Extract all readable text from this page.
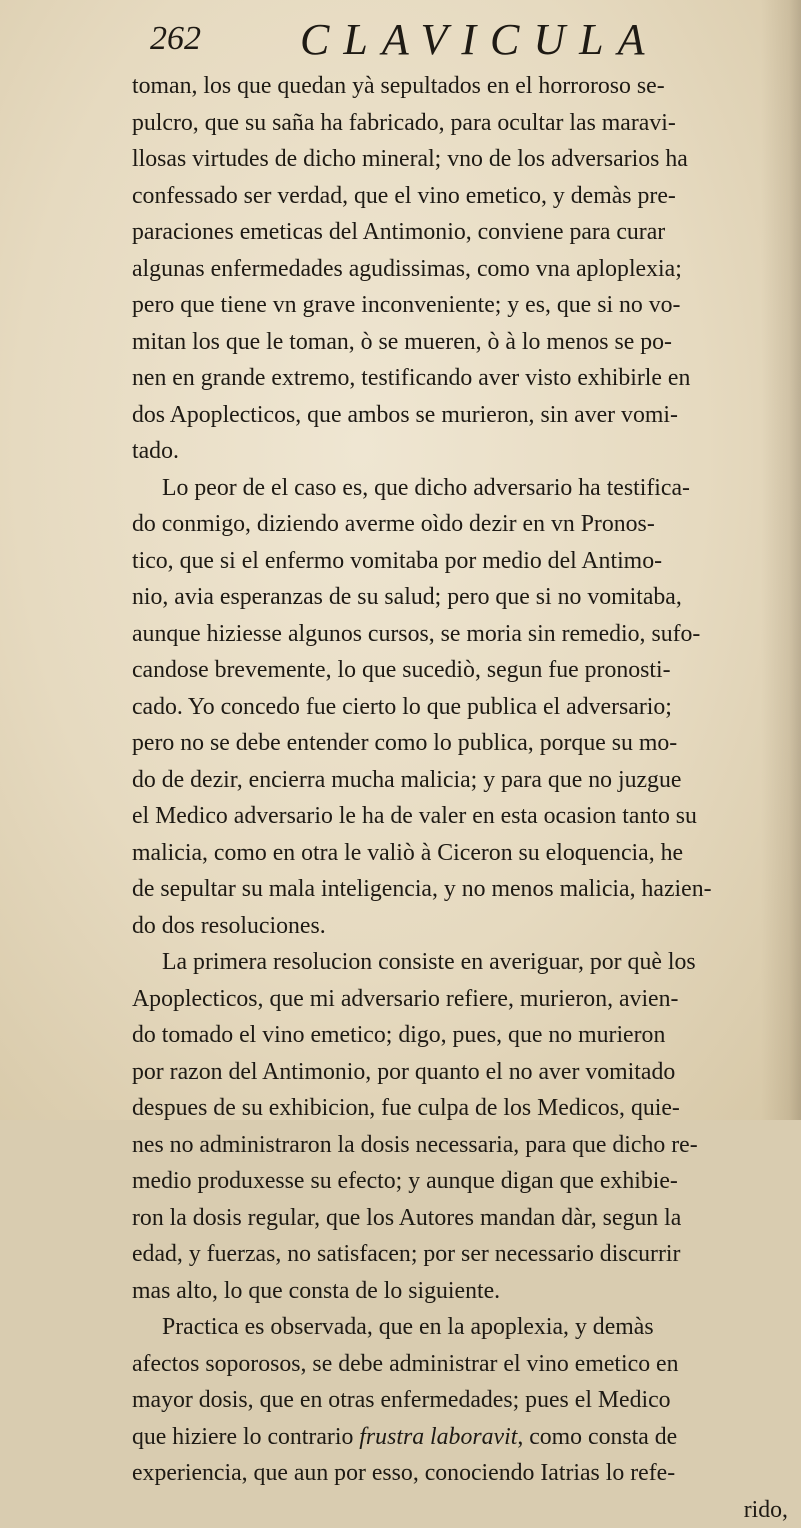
262 CLAVICULA
toman, los que quedan yà sepultados en el horroroso se-
pulcro, que su saña ha fabricado, para ocultar las maravi-
llosas virtudes de dicho mineral; vno de los adversarios ha
confessado ser verdad, que el vino emetico, y demàs pre-
paraciones emeticas del Antimonio, conviene para curar
algunas enfermedades agudissimas, como vna aploplexia;
pero que tiene vn grave inconveniente; y es, que si no vo-
mitan los que le toman, ò se mueren, ò à lo menos se po-
nen en grande extremo, testificando aver visto exhibirle en
dos Apoplecticos, que ambos se murieron, sin aver vomi-
tado.
Lo peor de el caso es, que dicho adversario ha testifica-
do conmigo, diziendo averme oìdo dezir en vn Pronos-
tico, que si el enfermo vomitaba por medio del Antimo-
nio, avia esperanzas de su salud; pero que si no vomitaba,
aunque hiziesse algunos cursos, se moria sin remedio, sufo-
candose brevemente, lo que sucediò, segun fue pronosti-
cado. Yo concedo fue cierto lo que publica el adversario;
pero no se debe entender como lo publica, porque su mo-
do de dezir, encierra mucha malicia; y para que no juzgue
el Medico adversario le ha de valer en esta ocasion tanto su
malicia, como en otra le valiò à Ciceron su eloquencia, he
de sepultar su mala inteligencia, y no menos malicia, hazien-
do dos resoluciones.
La primera resolucion consiste en averiguar, por què los
Apoplecticos, que mi adversario refiere, murieron, avien-
do tomado el vino emetico; digo, pues, que no murieron
por razon del Antimonio, por quanto el no aver vomitado
despues de su exhibicion, fue culpa de los Medicos, quie-
nes no administraron la dosis necessaria, para que dicho re-
medio produxesse su efecto; y aunque digan que exhibie-
ron la dosis regular, que los Autores mandan dàr, segun la
edad, y fuerzas, no satisfacen; por ser necessario discurrir
mas alto, lo que consta de lo siguiente.
Practica es observada, que en la apoplexia, y demàs
afectos soporosos, se debe administrar el vino emetico en
mayor dosis, que en otras enfermedades; pues el Medico
que hiziere lo contrario frustra laboravit, como consta de
experiencia, que aun por esso, conociendo Iatrias lo refe-
rido,
